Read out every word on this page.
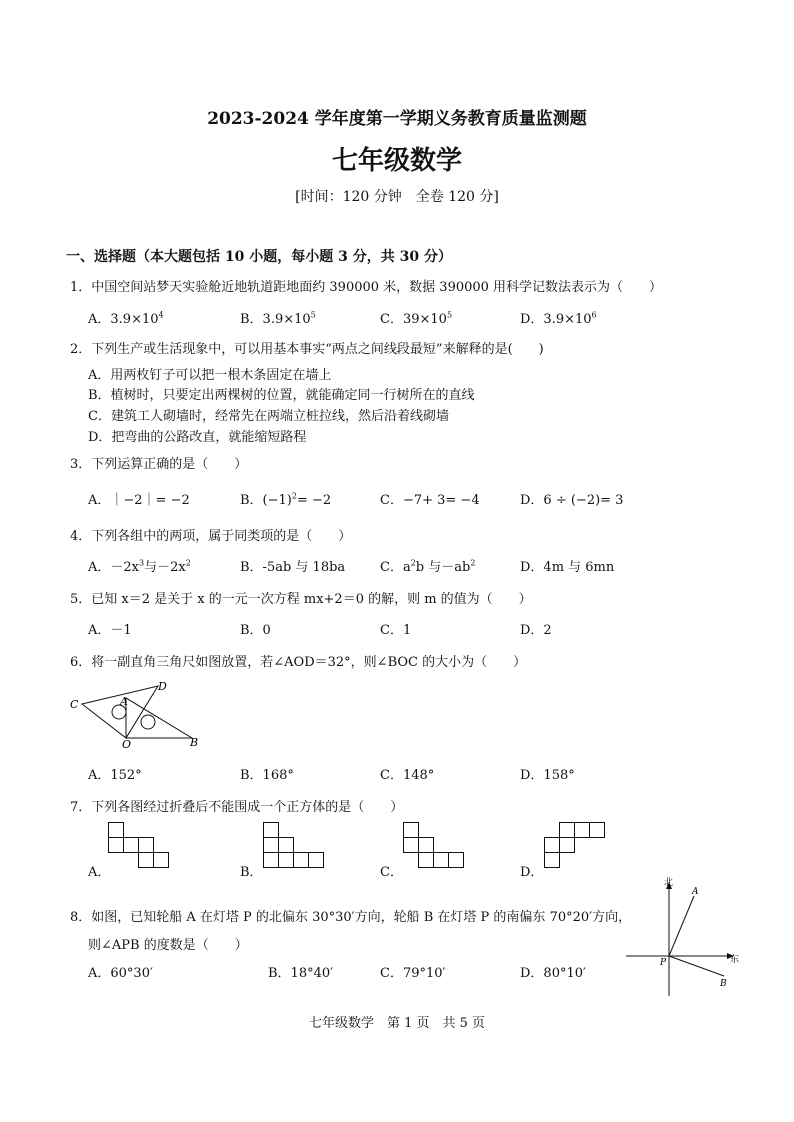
2023-2024 学年度第一学期义务教育质量监测题
七年级数学
[时间：120 分钟　全卷 120 分]
一、选择题（本大题包括 10 小题，每小题 3 分，共 30 分）
1．中国空间站梦天实验舱近地轨道距地面约 390000 米，数据 390000 用科学记数法表示为（　　）
A．$3.9\times 10^4$	B．$3.9\times 10^5$	C．$39\times 10^5$	D．$3.9\times 10^6$
2．下列生产或生活现象中，可以用基本事实“两点之间线段最短”来解释的是(　　)
A．用两枚钉子可以把一根木条固定在墙上
B．植树时，只要定出两棵树的位置，就能确定同一行树所在的直线
C．建筑工人砌墙时，经常先在两端立桩拉线，然后沿着线砌墙
D．把弯曲的公路改直，就能缩短路程
3．下列运算正确的是（　　）
A．｜−2｜= −2	B．$(-1)^2= -2$	C．−7+ 3= −4	D．6 ÷ (−2)= 3
4．下列各组中的两项，属于同类项的是（　　）
A．$-2x^3$与$-2x^2$	B．-5ab 与 18ba	C．$a^2b$ 与$-ab^2$	D．4m 与 6mn
5．已知 x＝2 是关于 x 的一元一次方程 mx+2＝0 的解，则 m 的值为（　　）
A．－1	B．0	C．1	D．2
6．将一副直角三角尺如图放置，若∠AOD＝32°，则∠BOC 的大小为（　　）
C	A
D
O	B
A．152°	B．168°	C．148°	D．158°
7．下列各图经过折叠后不能围成一个正方体的是（　　）
A．	B．	C．	D．
8．如图，已知轮船 A 在灯塔 P 的北偏东 30°30′方向，轮船 B 在灯塔 P 的南偏东 70°20′方向，
则∠APB 的度数是（　　）
A．60°30′	B．18°40′	C．79°10′	D．80°10′
北
东
P
A
B
七年级数学　第 1 页　共 5 页
